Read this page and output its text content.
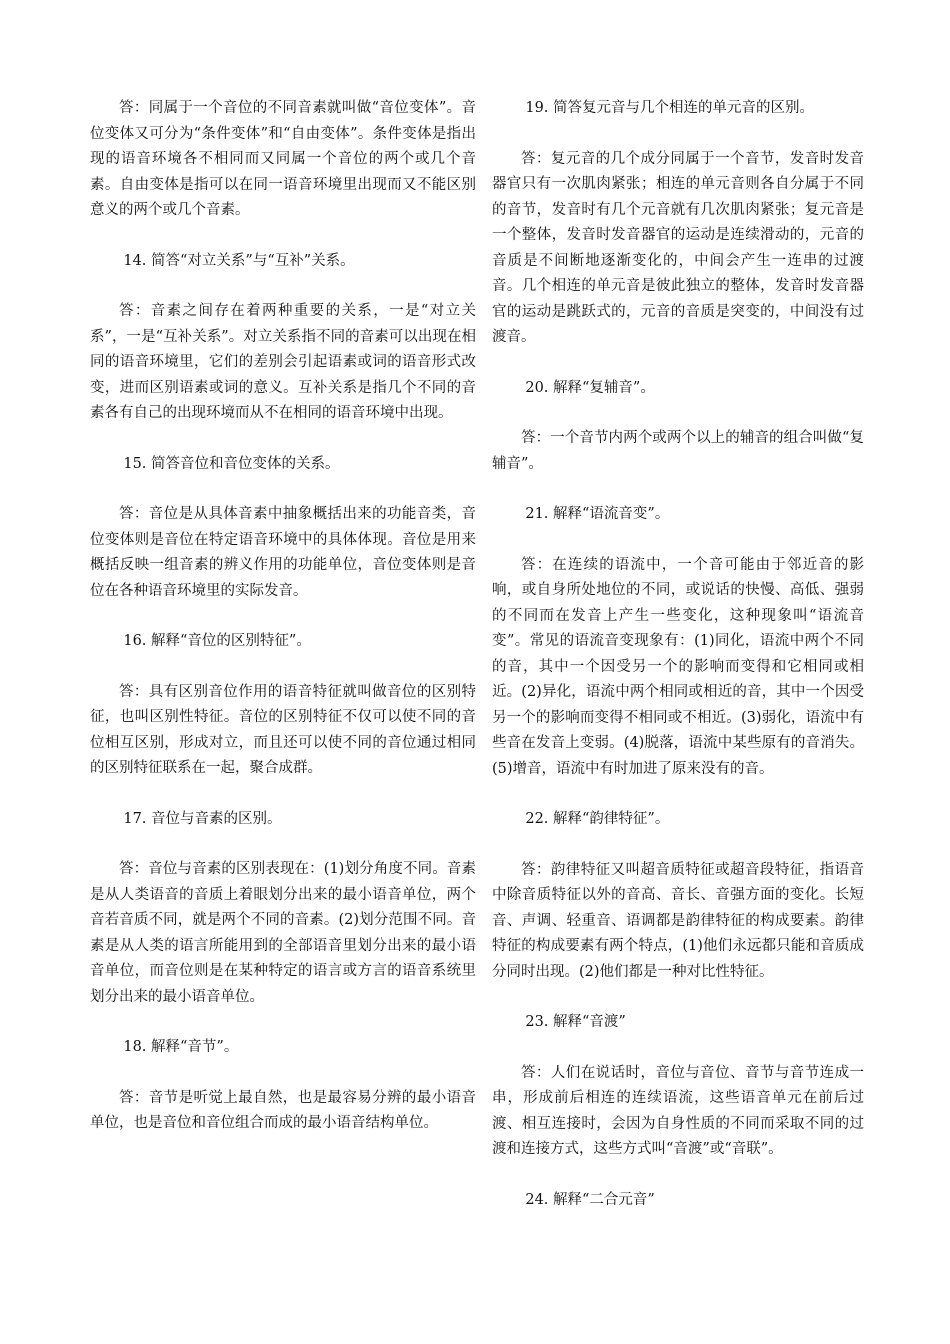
答：同属于一个音位的不同音素就叫做“音位变体”。音位变体又可分为“条件变体”和“自由变体”。条件变体是指出现的语音环境各不相同而又同属一个音位的两个或几个音素。自由变体是指可以在同一语音环境里出现而又不能区别意义的两个或几个音素。

14. 简答“对立关系”与“互补”关系。

答：音素之间存在着两种重要的关系，一是“对立关系”，一是“互补关系”。对立关系指不同的音素可以出现在相同的语音环境里，它们的差别会引起语素或词的语音形式改变，进而区别语素或词的意义。互补关系是指几个不同的音素各有自己的出现环境而从不在相同的语音环境中出现。

15. 简答音位和音位变体的关系。

答：音位是从具体音素中抽象概括出来的功能音类，音位变体则是音位在特定语音环境中的具体体现。音位是用来概括反映一组音素的辨义作用的功能单位，音位变体则是音位在各种语音环境里的实际发音。

16. 解释“音位的区别特征”。

答：具有区别音位作用的语音特征就叫做音位的区别特征，也叫区别性特征。音位的区别特征不仅可以使不同的音位相互区别，形成对立，而且还可以使不同的音位通过相同的区别特征联系在一起，聚合成群。

17. 音位与音素的区别。

答：音位与音素的区别表现在：(1)划分角度不同。音素是从人类语音的音质上着眼划分出来的最小语音单位，两个音若音质不同，就是两个不同的音素。(2)划分范围不同。音素是从人类的语言所能用到的全部语音里划分出来的最小语音单位，而音位则是在某种特定的语言或方言的语音系统里划分出来的最小语音单位。

18. 解释“音节”。

答：音节是听觉上最自然，也是最容易分辨的最小语音单位，也是音位和音位组合而成的最小语音结构单位。

19. 简答复元音与几个相连的单元音的区别。

答：复元音的几个成分同属于一个音节，发音时发音器官只有一次肌肉紧张；相连的单元音则各自分属于不同的音节，发音时有几个元音就有几次肌肉紧张；复元音是一个整体，发音时发音器官的运动是连续滑动的，元音的音质是不间断地逐渐变化的，中间会产生一连串的过渡音。几个相连的单元音是彼此独立的整体，发音时发音器官的运动是跳跃式的，元音的音质是突变的，中间没有过渡音。

20. 解释“复辅音”。

答：一个音节内两个或两个以上的辅音的组合叫做“复辅音”。

21. 解释“语流音变”。

答：在连续的语流中，一个音可能由于邻近音的影响，或自身所处地位的不同，或说话的快慢、高低、强弱的不同而在发音上产生一些变化，这种现象叫“语流音变”。常见的语流音变现象有：(1)同化，语流中两个不同的音，其中一个因受另一个的影响而变得和它相同或相近。(2)异化，语流中两个相同或相近的音，其中一个因受另一个的影响而变得不相同或不相近。(3)弱化，语流中有些音在发音上变弱。(4)脱落，语流中某些原有的音消失。(5)增音，语流中有时加进了原来没有的音。

22. 解释“韵律特征”。

答：韵律特征又叫超音质特征或超音段特征，指语音中除音质特征以外的音高、音长、音强方面的变化。长短音、声调、轻重音、语调都是韵律特征的构成要素。韵律特征的构成要素有两个特点，(1)他们永远都只能和音质成分同时出现。(2)他们都是一种对比性特征。

23. 解释“音渡”

答：人们在说话时，音位与音位、音节与音节连成一串，形成前后相连的连续语流，这些语音单元在前后过渡、相互连接时，会因为自身性质的不同而采取不同的过渡和连接方式，这些方式叫“音渡”或“音联”。

24. 解释“二合元音”
